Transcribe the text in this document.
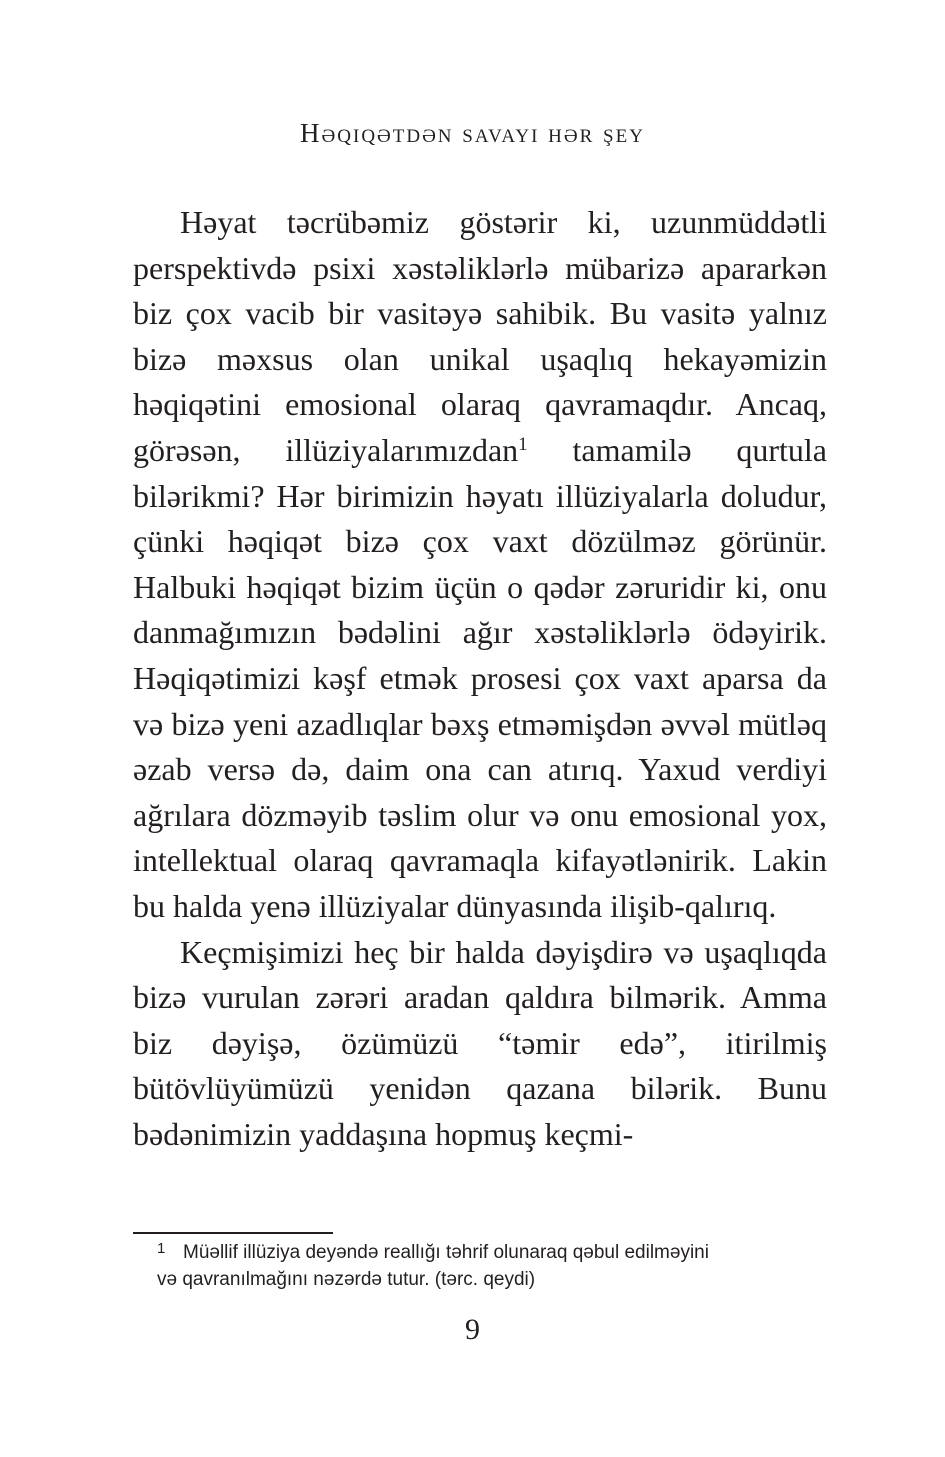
Həqiqətdən savayı hər şey

Həyat təcrübəmiz göstərir ki, uzunmüddətli perspektivdə psixi xəstəliklərlə mübarizə apararkən biz çox vacib bir vasitəyə sahibik. Bu vasitə yalnız bizə məxsus olan unikal uşaqlıq hekayəmizin həqiqətini emosional olaraq qavramaqdır. Ancaq, görəsən, illüziyalarımızdan$^1$ tamamilə qurtula bilərikmi? Hər birimizin həyatı illüziyalarla doludur, çünki həqiqət bizə çox vaxt dözülməz görünür. Halbuki həqiqət bizim üçün o qədər zəruridir ki, onu danmağımızın bədəlini ağır xəstəliklərlə ödəyirik. Həqiqətimizi kəşf etmək prosesi çox vaxt aparsa da və bizə yeni azadlıqlar bəxş etməmişdən əvvəl mütləq əzab versə də, daim ona can atırıq. Yaxud verdiyi ağrılara dözməyib təslim olur və onu emosional yox, intellektual olaraq qavramaqla kifayətlənirik. Lakin bu halda yenə illüziyalar dünyasında ilişib-qalırıq.

Keçmişimizi heç bir halda dəyişdirə və uşaqlıqda bizə vurulan zərəri aradan qaldıra bilmərik. Amma biz dəyişə, özümüzü “təmir edə”, itirilmiş bütövlüyümüzü yenidən qazana bilərik. Bunu bədənimizin yaddaşına hopmuş keçmi-

1 Müəllif illüziya deyəndə reallığı təhrif olunaraq qəbul edilməyini
və qavranılmağını nəzərdə tutur. (tərc. qeydi)
9
